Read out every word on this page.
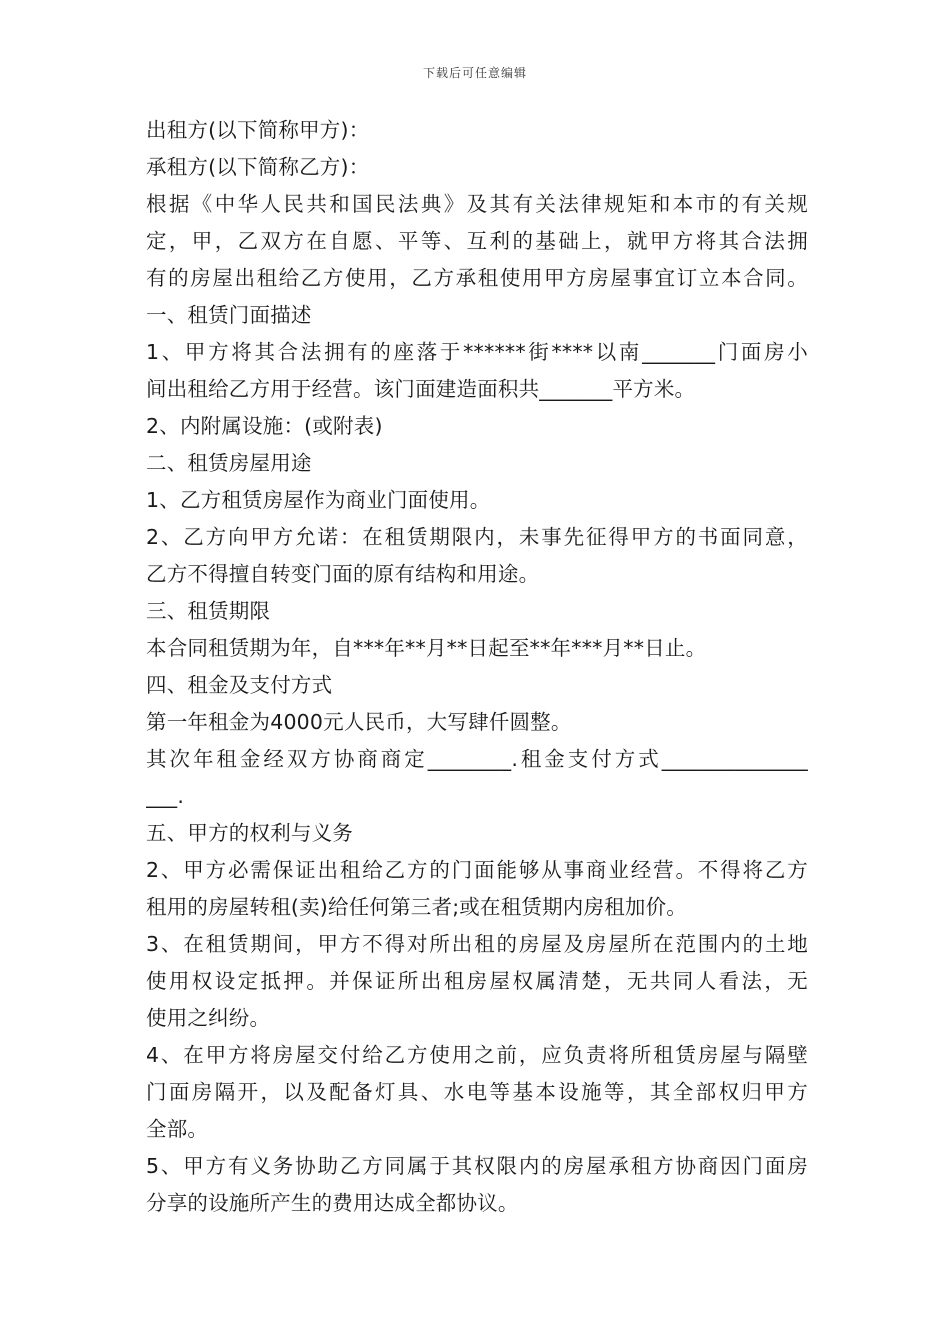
下载后可任意编辑
出租方(以下简称甲方)：
承租方(以下简称乙方)：
根据《中华人民共和国民法典》及其有关法律规矩和本市的有关规
定，甲，乙双方在自愿、平等、互利的基础上，就甲方将其合法拥
有的房屋出租给乙方使用，乙方承租使用甲方房屋事宜订立本合同。
一、租赁门面描述
1、甲方将其合法拥有的座落于******街****以南_______门面房小
间出租给乙方用于经营。该门面建造面积共_______平方米。
2、内附属设施：(或附表)
二、租赁房屋用途
1、乙方租赁房屋作为商业门面使用。
2、乙方向甲方允诺：在租赁期限内，未事先征得甲方的书面同意，
乙方不得擅自转变门面的原有结构和用途。
三、租赁期限
本合同租赁期为年，自***年**月**日起至**年***月**日止。
四、租金及支付方式
第一年租金为4000元人民币，大写肆仟圆整。
其次年租金经双方协商商定________.租金支付方式______________
___.
五、甲方的权利与义务
2、甲方必需保证出租给乙方的门面能够从事商业经营。不得将乙方
租用的房屋转租(卖)给任何第三者;或在租赁期内房租加价。
3、在租赁期间，甲方不得对所出租的房屋及房屋所在范围内的土地
使用权设定抵押。并保证所出租房屋权属清楚，无共同人看法，无
使用之纠纷。
4、在甲方将房屋交付给乙方使用之前，应负责将所租赁房屋与隔壁
门面房隔开，以及配备灯具、水电等基本设施等，其全部权归甲方
全部。
5、甲方有义务协助乙方同属于其权限内的房屋承租方协商因门面房
分享的设施所产生的费用达成全都协议。
